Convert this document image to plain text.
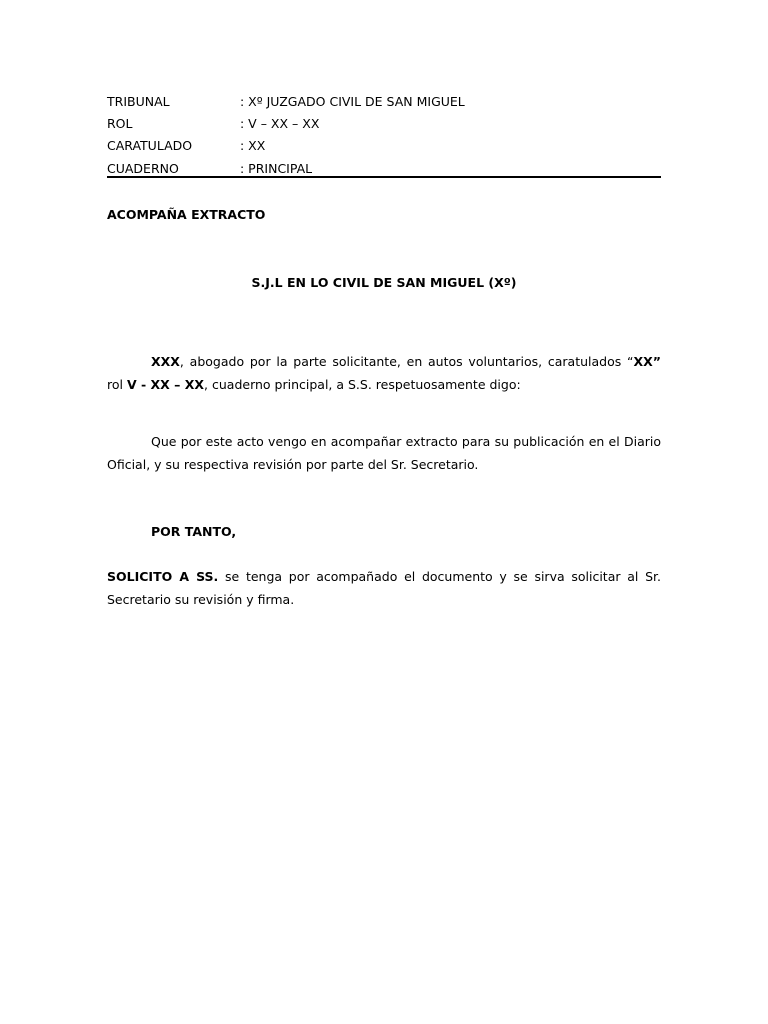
TRIBUNAL	: Xº JUZGADO CIVIL DE SAN MIGUEL
ROL	: V – XX – XX
CARATULADO	: XX
CUADERNO	: PRINCIPAL
ACOMPAÑA EXTRACTO
S.J.L EN LO CIVIL DE SAN MIGUEL (Xº)
XXX, abogado por la parte solicitante, en autos voluntarios, caratulados “XX” rol V - XX – XX, cuaderno principal, a S.S. respetuosamente digo:
Que por este acto vengo en acompañar extracto para su publicación en el Diario Oficial, y su respectiva revisión por parte del Sr. Secretario.
POR TANTO,
SOLICITO A SS. se tenga por acompañado el documento y se sirva solicitar al Sr. Secretario su revisión y firma.
